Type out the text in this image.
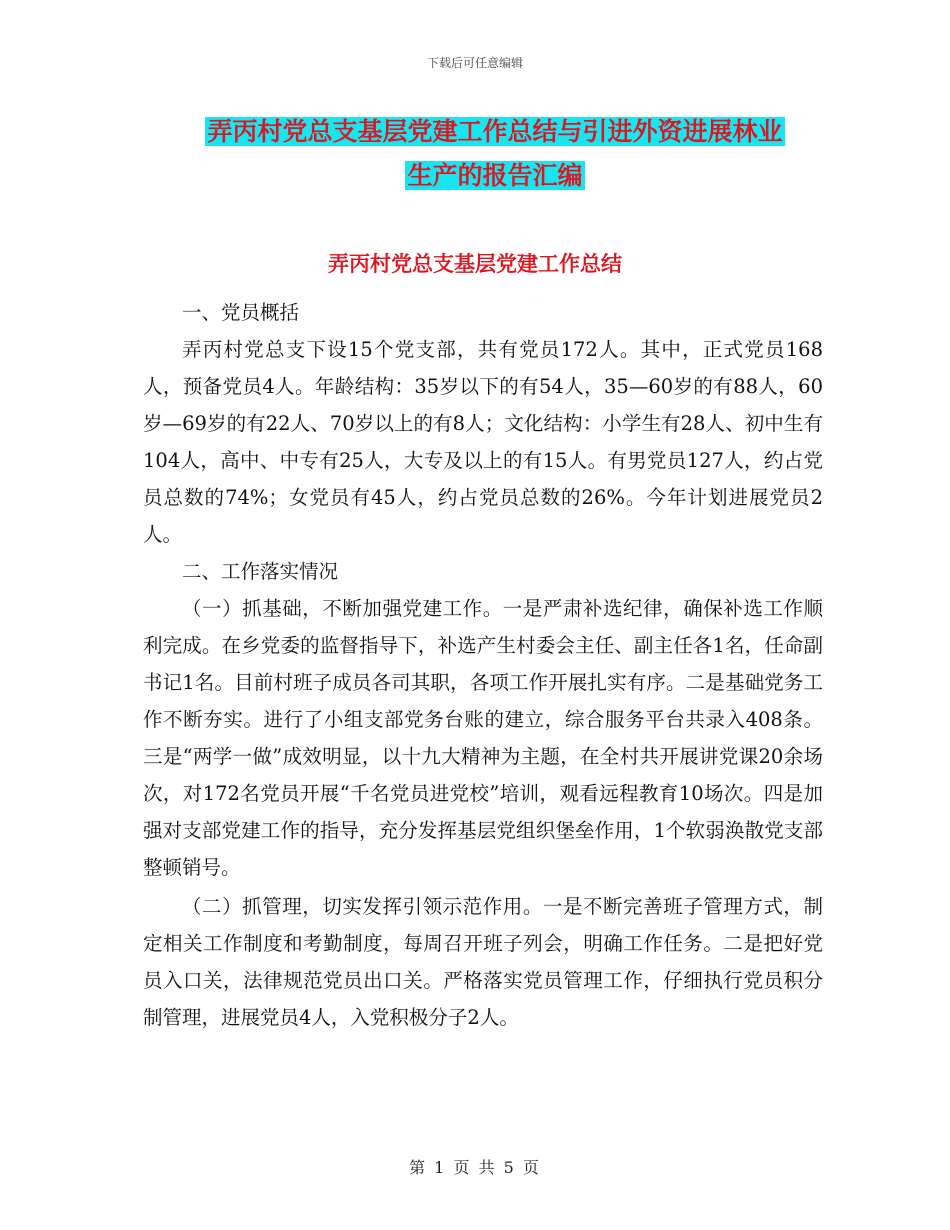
下载后可任意编辑
弄丙村党总支基层党建工作总结与引进外资进展林业
生产的报告汇编
弄丙村党总支基层党建工作总结

一、党员概括

弄丙村党总支下设15个党支部，共有党员172人。其中，正式党员168人，预备党员4人。年龄结构：35岁以下的有54人，35—60岁的有88人，60岁—69岁的有22人、70岁以上的有8人；文化结构：小学生有28人、初中生有104人，高中、中专有25人，大专及以上的有15人。有男党员127人，约占党员总数的74%；女党员有45人，约占党员总数的26%。今年计划进展党员2人。

二、工作落实情况

（一）抓基础，不断加强党建工作。一是严肃补选纪律，确保补选工作顺利完成。在乡党委的监督指导下，补选产生村委会主任、副主任各1名，任命副书记1名。目前村班子成员各司其职，各项工作开展扎实有序。二是基础党务工作不断夯实。进行了小组支部党务台账的建立，综合服务平台共录入408条。三是“两学一做”成效明显，以十九大精神为主题，在全村共开展讲党课20余场次，对172名党员开展“千名党员进党校”培训，观看远程教育10场次。四是加强对支部党建工作的指导，充分发挥基层党组织堡垒作用，1个软弱涣散党支部整顿销号。

（二）抓管理，切实发挥引领示范作用。一是不断完善班子管理方式，制定相关工作制度和考勤制度，每周召开班子列会，明确工作任务。二是把好党员入口关，法律规范党员出口关。严格落实党员管理工作，仔细执行党员积分制管理，进展党员4人，入党积极分子2人。

第 1 页 共 5 页
